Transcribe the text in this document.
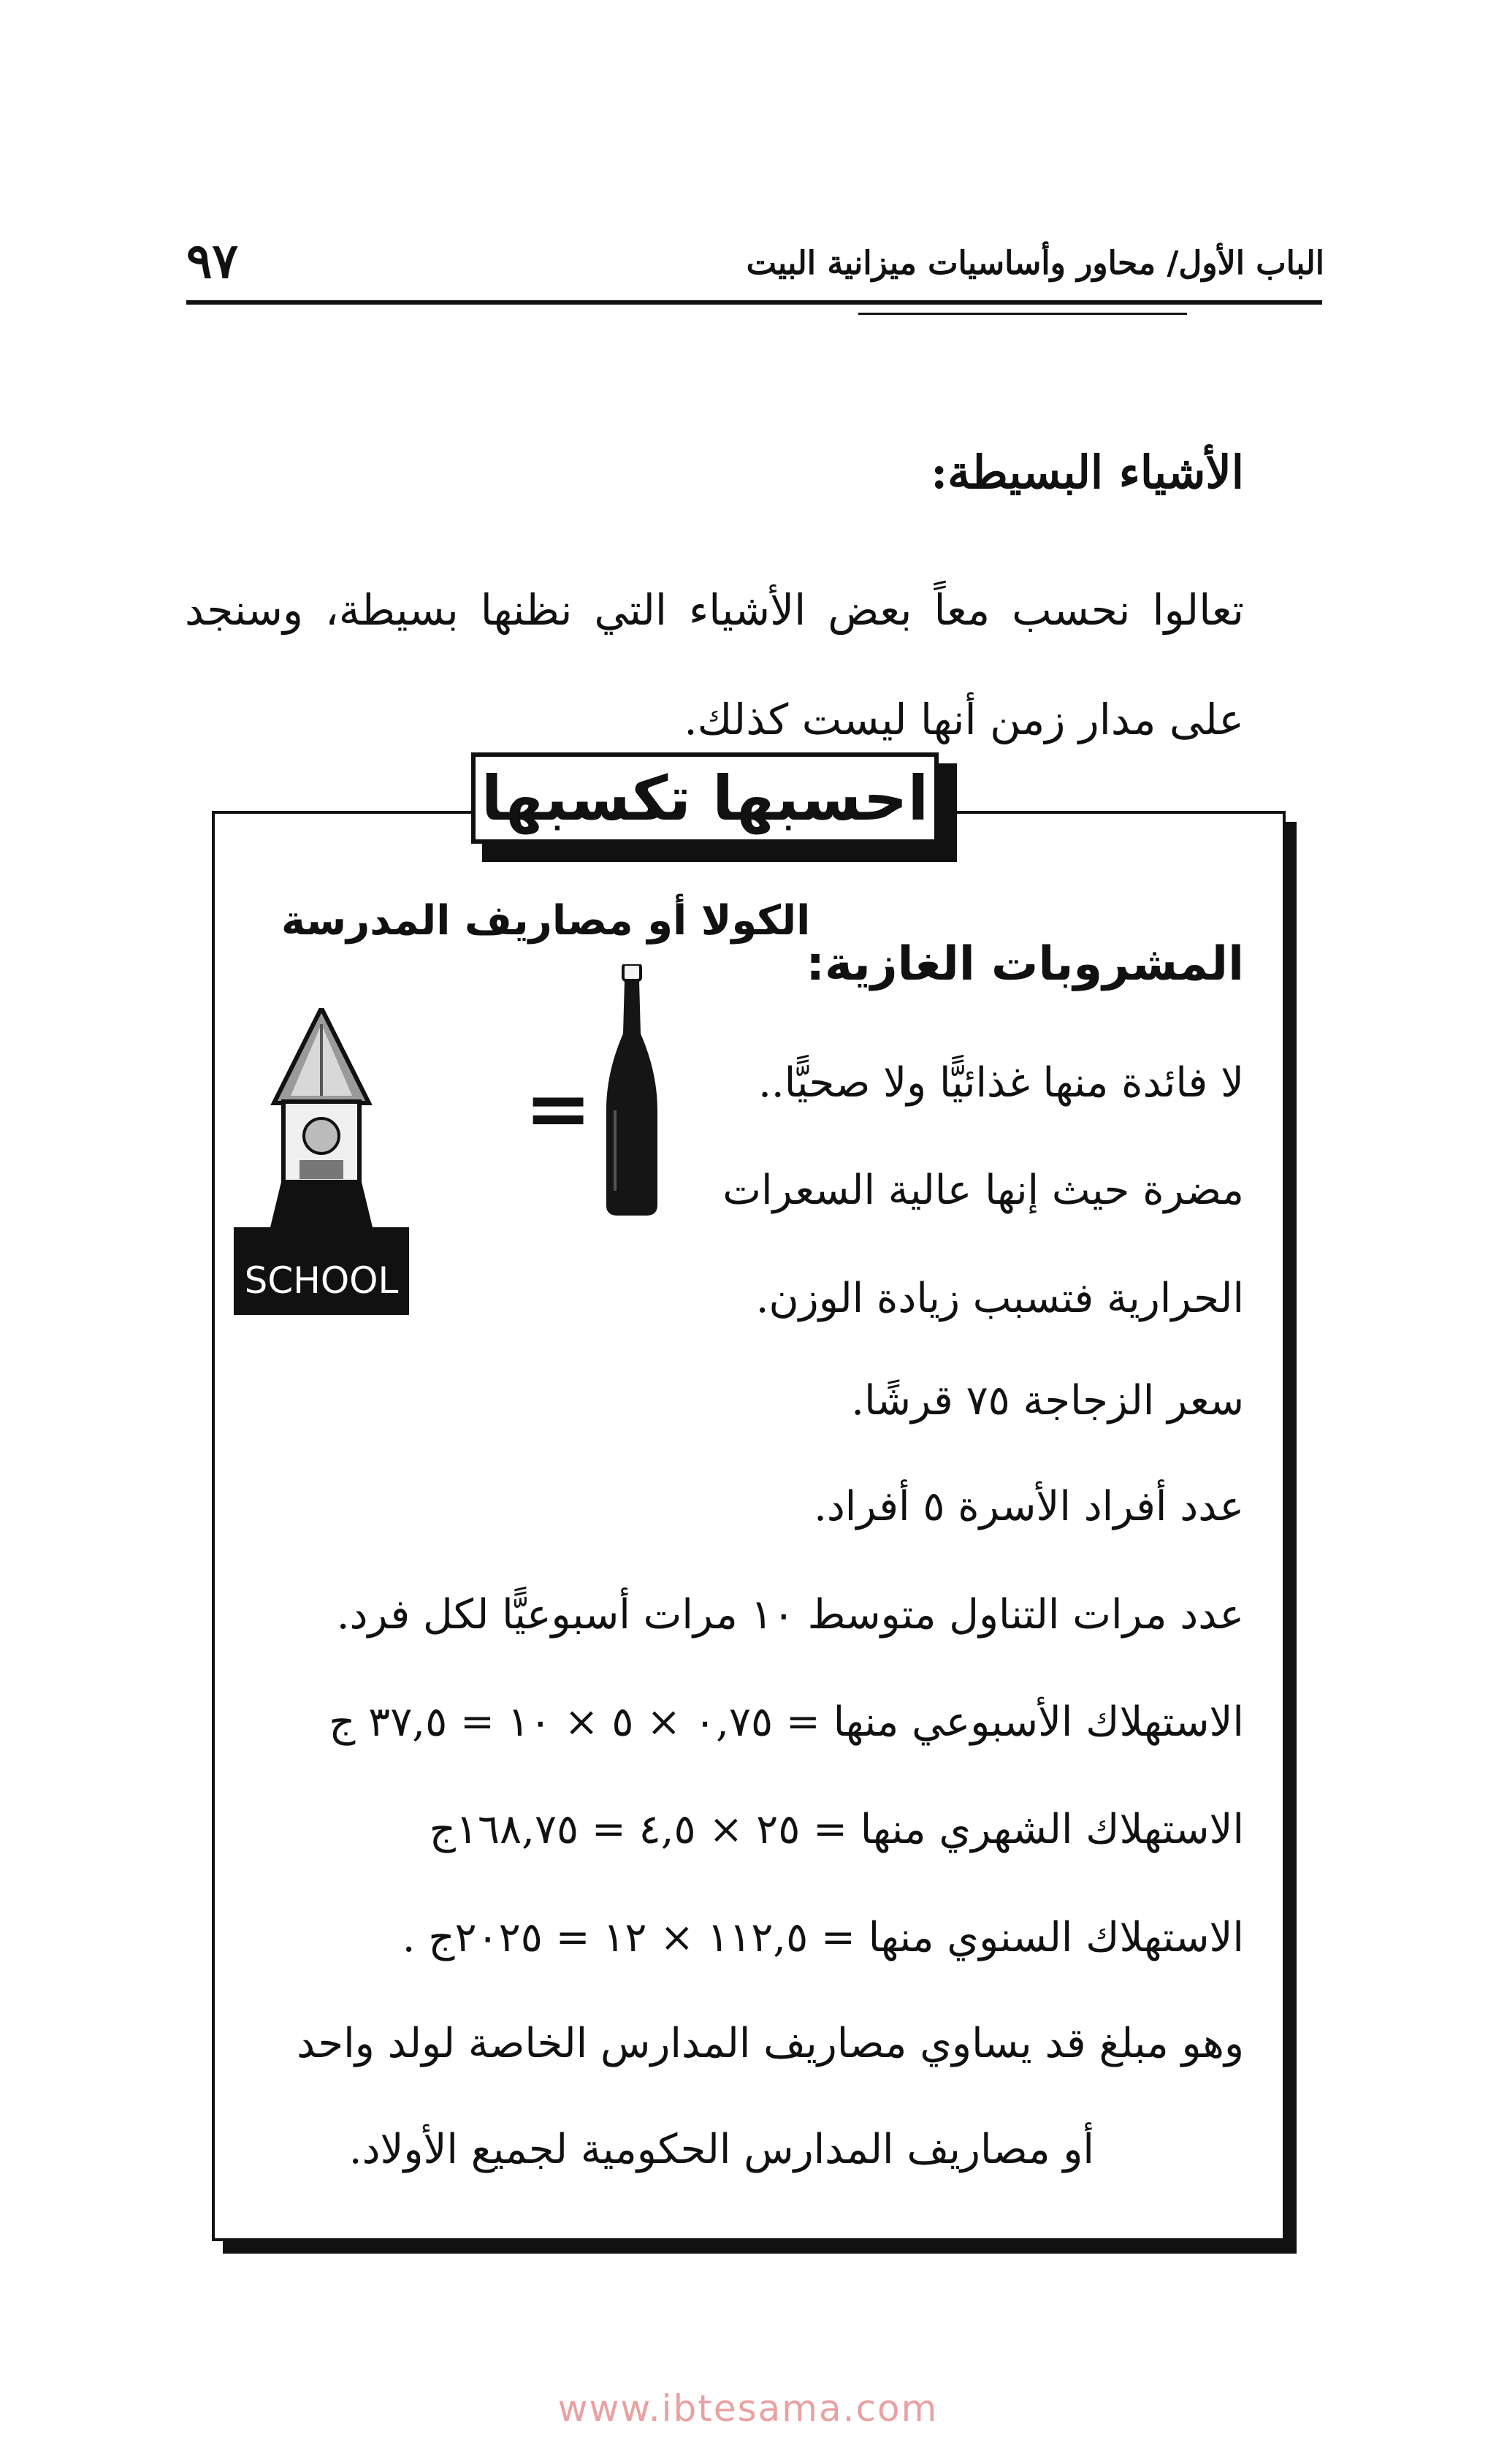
٩٧	الباب الأول/ محاور وأساسيات ميزانية البيت
الأشياء البسيطة:
تعالوا نحسب معاً بعض الأشياء التي نظنها بسيطة، وسنجد على مدار زمن أنها ليست كذلك.
احسبها تكسبها
الكولا أو مصاريف المدرسة
المشروبات الغازية:
=
SCHOOL
لا فائدة منها غذائيًّا ولا صحيًّا..
مضرة حيث إنها عالية السعرات
الحرارية فتسبب زيادة الوزن.
سعر الزجاجة ٧٥ قرشًا.
عدد أفراد الأسرة ٥ أفراد.
عدد مرات التناول متوسط ١٠ مرات أسبوعيًّا لكل فرد.
الاستهلاك الأسبوعي منها = ٠,٧٥ × ٥ × ١٠ = ٣٧,٥ ج
الاستهلاك الشهري منها = ٢٥ × ٤,٥ = ١٦٨,٧٥ج
الاستهلاك السنوي منها = ١١٢,٥ × ١٢ = ٢٠٢٥ج .
وهو مبلغ قد يساوي مصاريف المدارس الخاصة لولد واحد
أو مصاريف المدارس الحكومية لجميع الأولاد.
www.ibtesama.com
